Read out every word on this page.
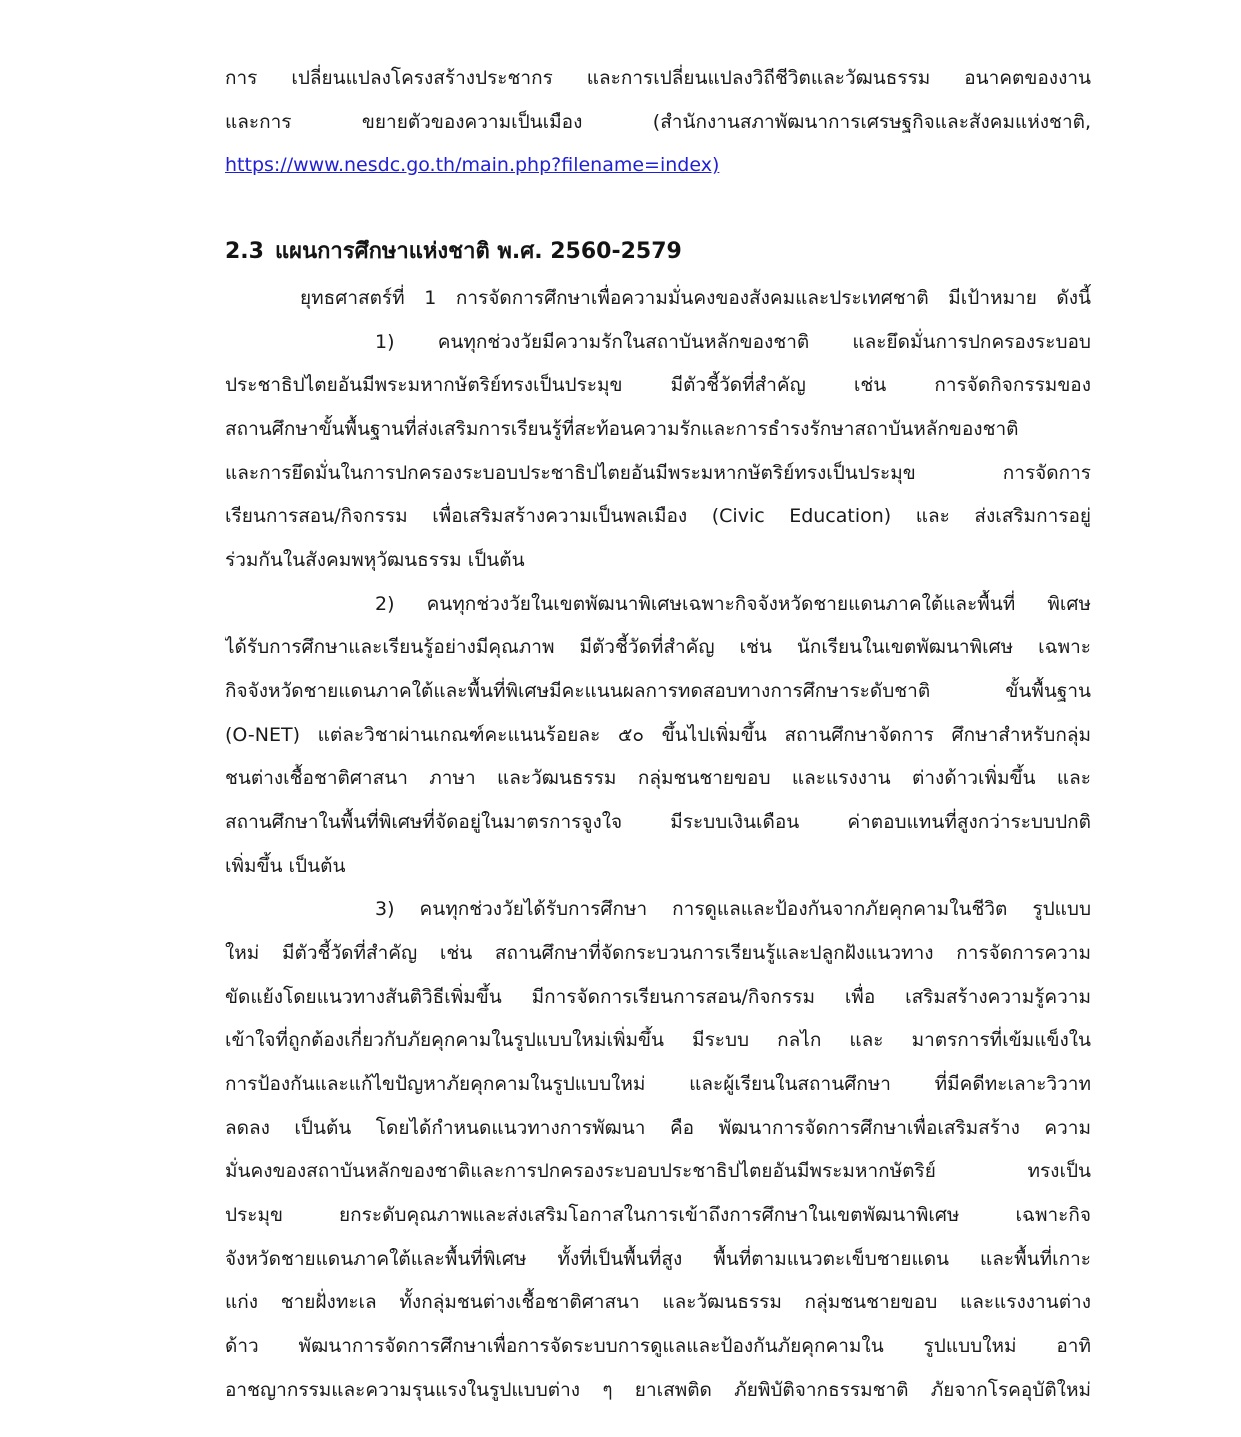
การ เปลี่ยนแปลงโครงสร้างประชากร และการเปลี่ยนแปลงวิถีชีวิตและวัฒนธรรม อนาคตของงาน
และการ ขยายตัวของความเป็นเมือง (สำนักงานสภาพัฒนาการเศรษฐกิจและสังคมแห่งชาติ,
https://www.nesdc.go.th/main.php?filename=index)
2.3 แผนการศึกษาแห่งชาติ พ.ศ. 2560-2579
ยุทธศาสตร์ที่ 1 การจัดการศึกษาเพื่อความมั่นคงของสังคมและประเทศชาติ มีเป้าหมาย ดังนี้
1) คนทุกช่วงวัยมีความรักในสถาบันหลักของชาติ และยึดมั่นการปกครองระบอบ
ประชาธิปไตยอันมีพระมหากษัตริย์ทรงเป็นประมุข มีตัวชี้วัดที่สำคัญ เช่น การจัดกิจกรรมของ
สถานศึกษาขั้นพื้นฐานที่ส่งเสริมการเรียนรู้ที่สะท้อนความรักและการธำรงรักษาสถาบันหลักของชาติ
และการยึดมั่นในการปกครองระบอบประชาธิปไตยอันมีพระมหากษัตริย์ทรงเป็นประมุข การจัดการ
เรียนการสอน/กิจกรรม เพื่อเสริมสร้างความเป็นพลเมือง (Civic Education) และ ส่งเสริมการอยู่
ร่วมกันในสังคมพหุวัฒนธรรม เป็นต้น
2) คนทุกช่วงวัยในเขตพัฒนาพิเศษเฉพาะกิจจังหวัดชายแดนภาคใต้และพื้นที่ พิเศษ
ได้รับการศึกษาและเรียนรู้อย่างมีคุณภาพ มีตัวชี้วัดที่สำคัญ เช่น นักเรียนในเขตพัฒนาพิเศษ เฉพาะ
กิจจังหวัดชายแดนภาคใต้และพื้นที่พิเศษมีคะแนนผลการทดสอบทางการศึกษาระดับชาติ ขั้นพื้นฐาน
(O-NET) แต่ละวิชาผ่านเกณฑ์คะแนนร้อยละ ๕๐ ขึ้นไปเพิ่มขึ้น สถานศึกษาจัดการ ศึกษาสำหรับกลุ่ม
ชนต่างเชื้อชาติศาสนา ภาษา และวัฒนธรรม กลุ่มชนชายขอบ และแรงงาน ต่างด้าวเพิ่มขึ้น และ
สถานศึกษาในพื้นที่พิเศษที่จัดอยู่ในมาตรการจูงใจ มีระบบเงินเดือน ค่าตอบแทนที่สูงกว่าระบบปกติ
เพิ่มขึ้น เป็นต้น
3) คนทุกช่วงวัยได้รับการศึกษา การดูแลและป้องกันจากภัยคุกคามในชีวิต รูปแบบ
ใหม่ มีตัวชี้วัดที่สำคัญ เช่น สถานศึกษาที่จัดกระบวนการเรียนรู้และปลูกฝังแนวทาง การจัดการความ
ขัดแย้งโดยแนวทางสันติวิธีเพิ่มขึ้น มีการจัดการเรียนการสอน/กิจกรรม เพื่อ เสริมสร้างความรู้ความ
เข้าใจที่ถูกต้องเกี่ยวกับภัยคุกคามในรูปแบบใหม่เพิ่มขึ้น มีระบบ กลไก และ มาตรการที่เข้มแข็งใน
การป้องกันและแก้ไขปัญหาภัยคุกคามในรูปแบบใหม่ และผู้เรียนในสถานศึกษา ที่มีคดีทะเลาะวิวาท
ลดลง เป็นต้น โดยได้กำหนดแนวทางการพัฒนา คือ พัฒนาการจัดการศึกษาเพื่อเสริมสร้าง ความ
มั่นคงของสถาบันหลักของชาติและการปกครองระบอบประชาธิปไตยอันมีพระมหากษัตริย์ ทรงเป็น
ประมุข ยกระดับคุณภาพและส่งเสริมโอกาสในการเข้าถึงการศึกษาในเขตพัฒนาพิเศษ เฉพาะกิจ
จังหวัดชายแดนภาคใต้และพื้นที่พิเศษ ทั้งที่เป็นพื้นที่สูง พื้นที่ตามแนวตะเข็บชายแดน และพื้นที่เกาะ
แก่ง ชายฝั่งทะเล ทั้งกลุ่มชนต่างเชื้อชาติศาสนา และวัฒนธรรม กลุ่มชนชายขอบ และแรงงานต่าง
ด้าว พัฒนาการจัดการศึกษาเพื่อการจัดระบบการดูแลและป้องกันภัยคุกคามใน รูปแบบใหม่ อาทิ
อาชญากรรมและความรุนแรงในรูปแบบต่าง ๆ ยาเสพติด ภัยพิบัติจากธรรมชาติ ภัยจากโรคอุบัติใหม่
